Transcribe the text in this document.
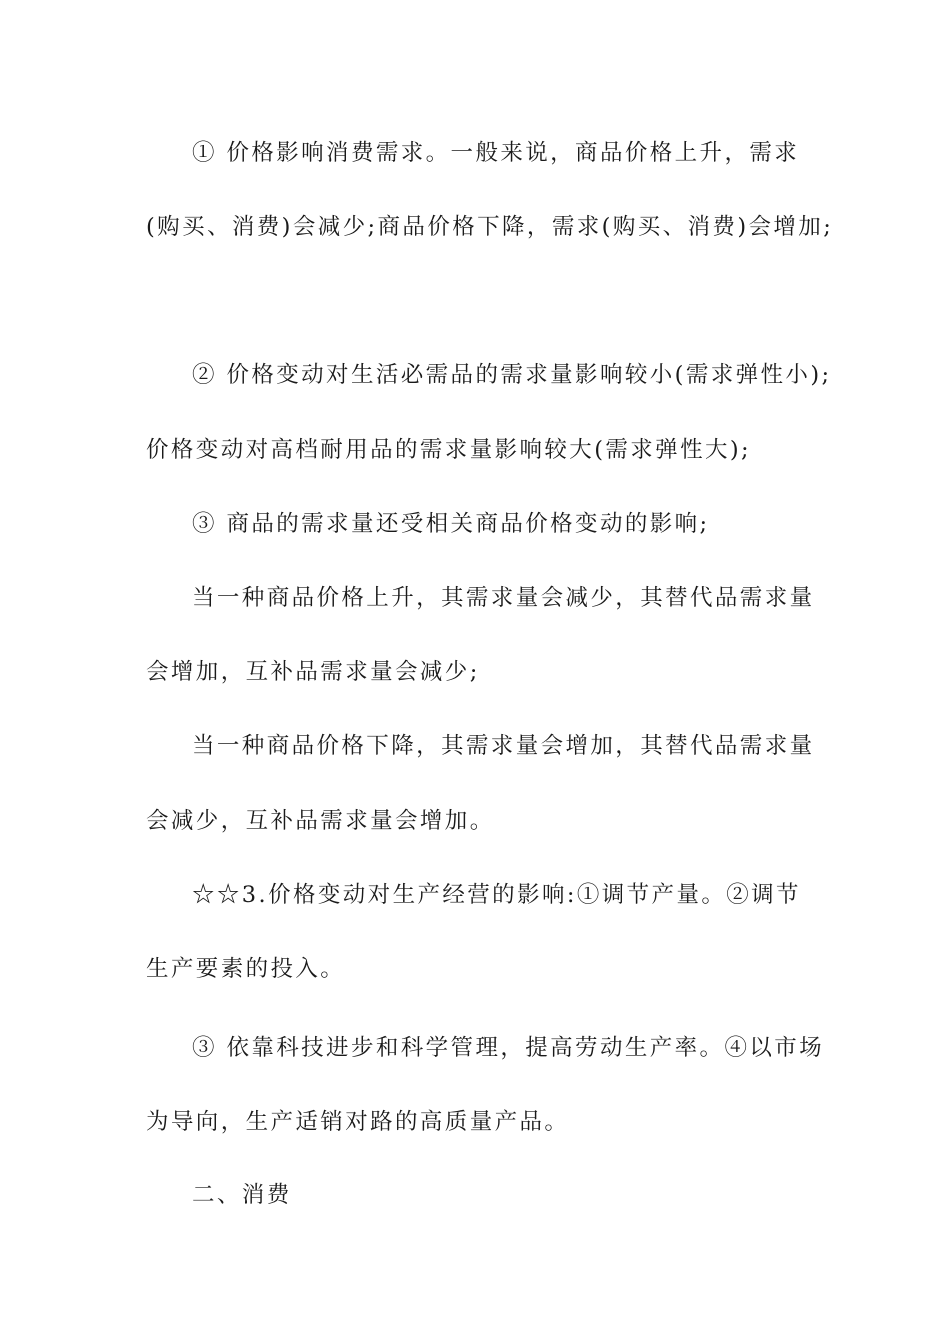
① 价格影响消费需求。一般来说，商品价格上升，需求
(购买、消费)会减少;商品价格下降，需求(购买、消费)会增加;
② 价格变动对生活必需品的需求量影响较小(需求弹性小);
价格变动对高档耐用品的需求量影响较大(需求弹性大);
③ 商品的需求量还受相关商品价格变动的影响;
当一种商品价格上升，其需求量会减少，其替代品需求量
会增加，互补品需求量会减少;
当一种商品价格下降，其需求量会增加，其替代品需求量
会减少，互补品需求量会增加。
☆☆3.价格变动对生产经营的影响:①调节产量。②调节
生产要素的投入。
③ 依靠科技进步和科学管理，提高劳动生产率。④以市场
为导向，生产适销对路的高质量产品。
二、消费
